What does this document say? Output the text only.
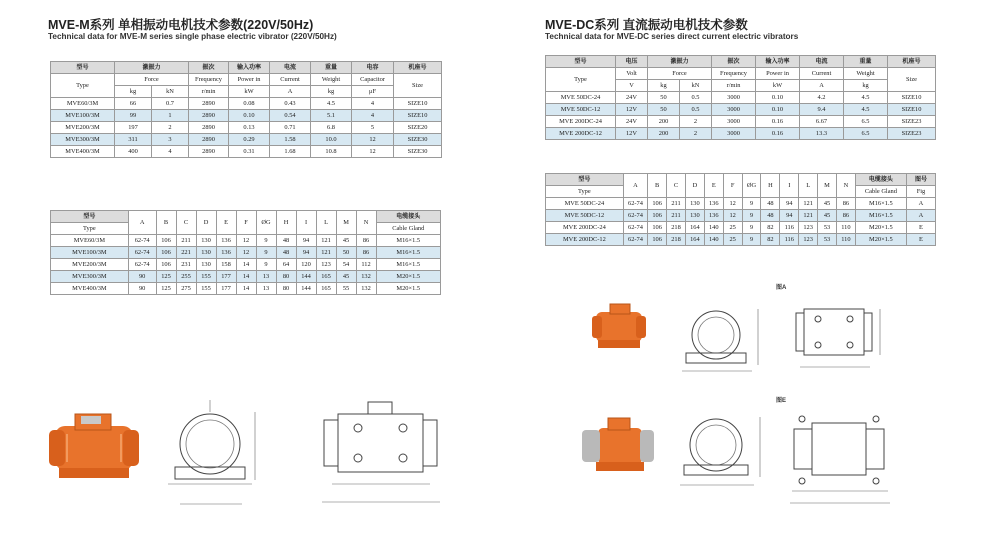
MVE-M系列 单相振动电机技术参数(220V/50Hz)
Technical data for MVE-M series single phase electric vibrator (220V/50Hz)
型号	激振力		振次	输入功率	电流	重量	电容	机座号
Type	Force		Frequency	Power in	Current	Weight	Capacitor	Size
	kg	kN	r/min	kW	A	kg	μF	
MVE60/3M	66	0.7	2890	0.08	0.43	4.5	4	SIZE10
MVE100/3M	99	1	2890	0.10	0.54	5.1	4	SIZE10
MVE200/3M	197	2	2890	0.13	0.71	6.8	5	SIZE20
MVE300/3M	311	3	2890	0.29	1.58	10.0	12	SIZE30
MVE400/3M	400	4	2890	0.31	1.68	10.8	12	SIZE30
型号	A	B	C	D	E	F	ØG	H	I	L	M	N	电缆接头
Type													Cable Gland
MVE60/3M	62-74	106	211	130	136	12	9	48	94	121	45	86	M16×1.5
MVE100/3M	62-74	106	221	130	136	12	9	48	94	121	50	86	M16×1.5
MVE200/3M	62-74	106	231	130	158	14	9	64	120	123	54	112	M16×1.5
MVE300/3M	90	125	255	155	177	14	13	80	144	165	45	132	M20×1.5
MVE400/3M	90	125	275	155	177	14	13	80	144	165	55	132	M20×1.5
MVE-DC系列 直流振动电机技术参数
Technical data for MVE-DC series direct current electric vibrators
型号	电压	激振力		振次	输入功率	电流	重量	机座号
Type	Volt	Force		Frequency	Power in	Current	Weight	Size
	V	kg	kN	r/min	kW	A	kg	
MVE 50DC-24	24V	50	0.5	3000	0.10	4.2	4.5	SIZE10
MVE 50DC-12	12V	50	0.5	3000	0.10	9.4	4.5	SIZE10
MVE 200DC-24	24V	200	2	3000	0.16	6.67	6.5	SIZE23
MVE 200DC-12	12V	200	2	3000	0.16	13.3	6.5	SIZE23
型号	A	B	C	D	E	F	ØG	H	I	L	M	N	电缆接头	图号
Type													Cable Gland	Fig
MVE 50DC-24	62-74	106	211	130	136	12	9	48	94	121	45	86	M16×1.5	A
MVE 50DC-12	62-74	106	211	130	136	12	9	48	94	121	45	86	M16×1.5	A
MVE 200DC-24	62-74	106	218	164	140	25	9	82	116	123	53	110	M20×1.5	E
MVE 200DC-12	62-74	106	218	164	140	25	9	82	116	123	53	110	M20×1.5	E
图A
图E
